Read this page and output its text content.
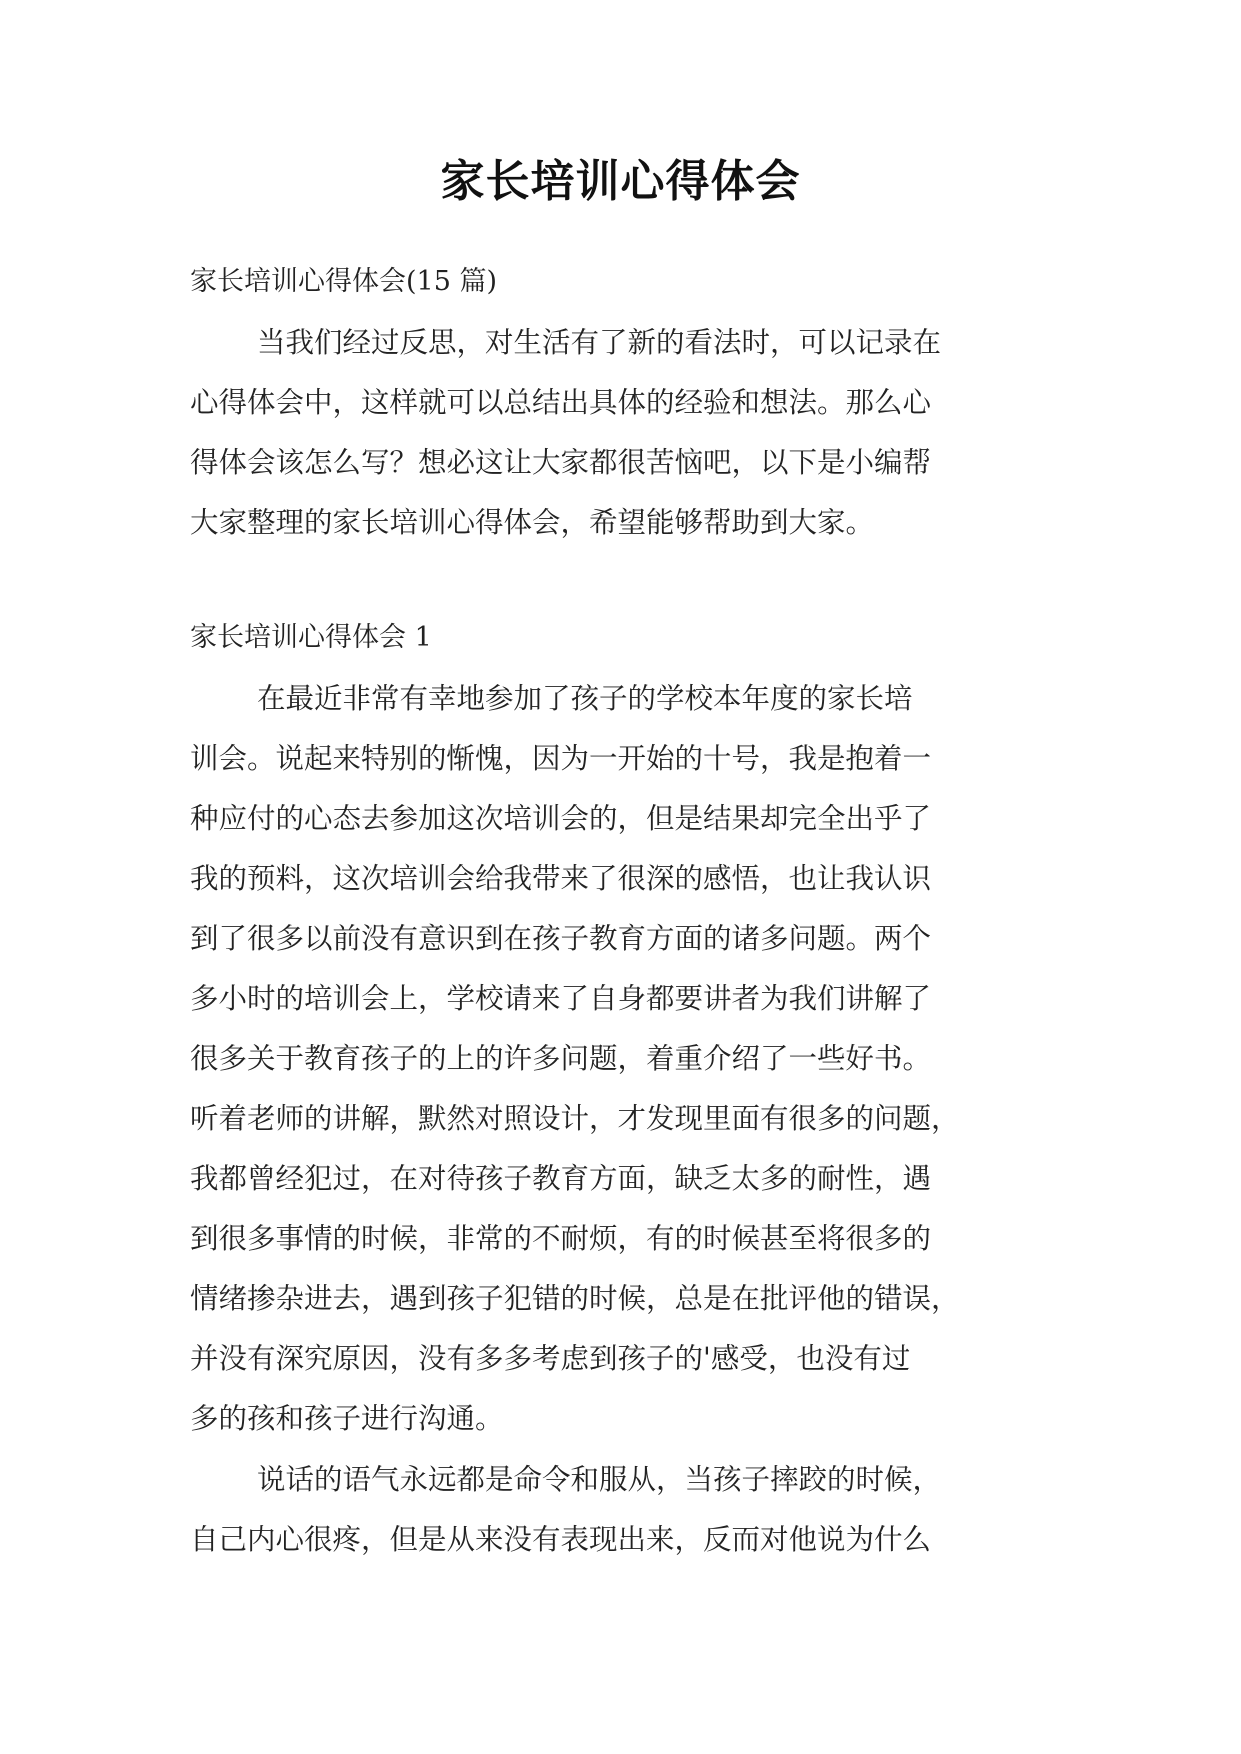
家长培训心得体会
家长培训心得体会(15 篇)
当我们经过反思，对生活有了新的看法时，可以记录在
心得体会中，这样就可以总结出具体的经验和想法。那么心
得体会该怎么写？想必这让大家都很苦恼吧，以下是小编帮
大家整理的家长培训心得体会，希望能够帮助到大家。
家长培训心得体会 1
在最近非常有幸地参加了孩子的学校本年度的家长培
训会。说起来特别的惭愧，因为一开始的十号，我是抱着一
种应付的心态去参加这次培训会的，但是结果却完全出乎了
我的预料，这次培训会给我带来了很深的感悟，也让我认识
到了很多以前没有意识到在孩子教育方面的诸多问题。两个
多小时的培训会上，学校请来了自身都要讲者为我们讲解了
很多关于教育孩子的上的许多问题，着重介绍了一些好书。
听着老师的讲解，默然对照设计，才发现里面有很多的问题，
我都曾经犯过，在对待孩子教育方面，缺乏太多的耐性，遇
到很多事情的时候，非常的不耐烦，有的时候甚至将很多的
情绪掺杂进去，遇到孩子犯错的时候，总是在批评他的错误，
并没有深究原因，没有多多考虑到孩子的'感受，也没有过
多的孩和孩子进行沟通。
说话的语气永远都是命令和服从，当孩子摔跤的时候，
自己内心很疼，但是从来没有表现出来，反而对他说为什么
